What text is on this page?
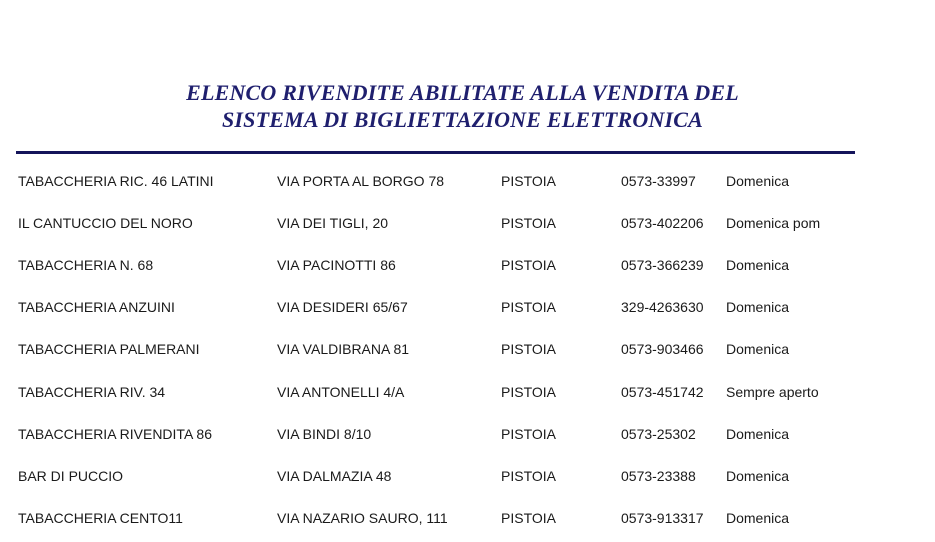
ELENCO RIVENDITE ABILITATE ALLA VENDITA DEL
SISTEMA DI BIGLIETTAZIONE ELETTRONICA
TABACCHERIA RIC. 46 LATINI	VIA PORTA AL BORGO 78	PISTOIA	0573-33997 Domenica
IL CANTUCCIO DEL NORO	VIA DEI TIGLI, 20	PISTOIA	0573-402206 Domenica pom
TABACCHERIA N. 68	VIA PACINOTTI 86	PISTOIA	0573-366239 Domenica
TABACCHERIA ANZUINI	VIA DESIDERI 65/67	PISTOIA	329-4263630 Domenica
TABACCHERIA PALMERANI	VIA VALDIBRANA 81	PISTOIA	0573-903466 Domenica
TABACCHERIA RIV. 34	VIA ANTONELLI 4/A	PISTOIA	0573-451742 Sempre aperto
TABACCHERIA RIVENDITA 86	VIA BINDI 8/10	PISTOIA	0573-25302 Domenica
BAR DI PUCCIO	VIA DALMAZIA 48	PISTOIA	0573-23388 Domenica
TABACCHERIA CENTO11	VIA NAZARIO SAURO, 111	PISTOIA	0573-913317 Domenica
